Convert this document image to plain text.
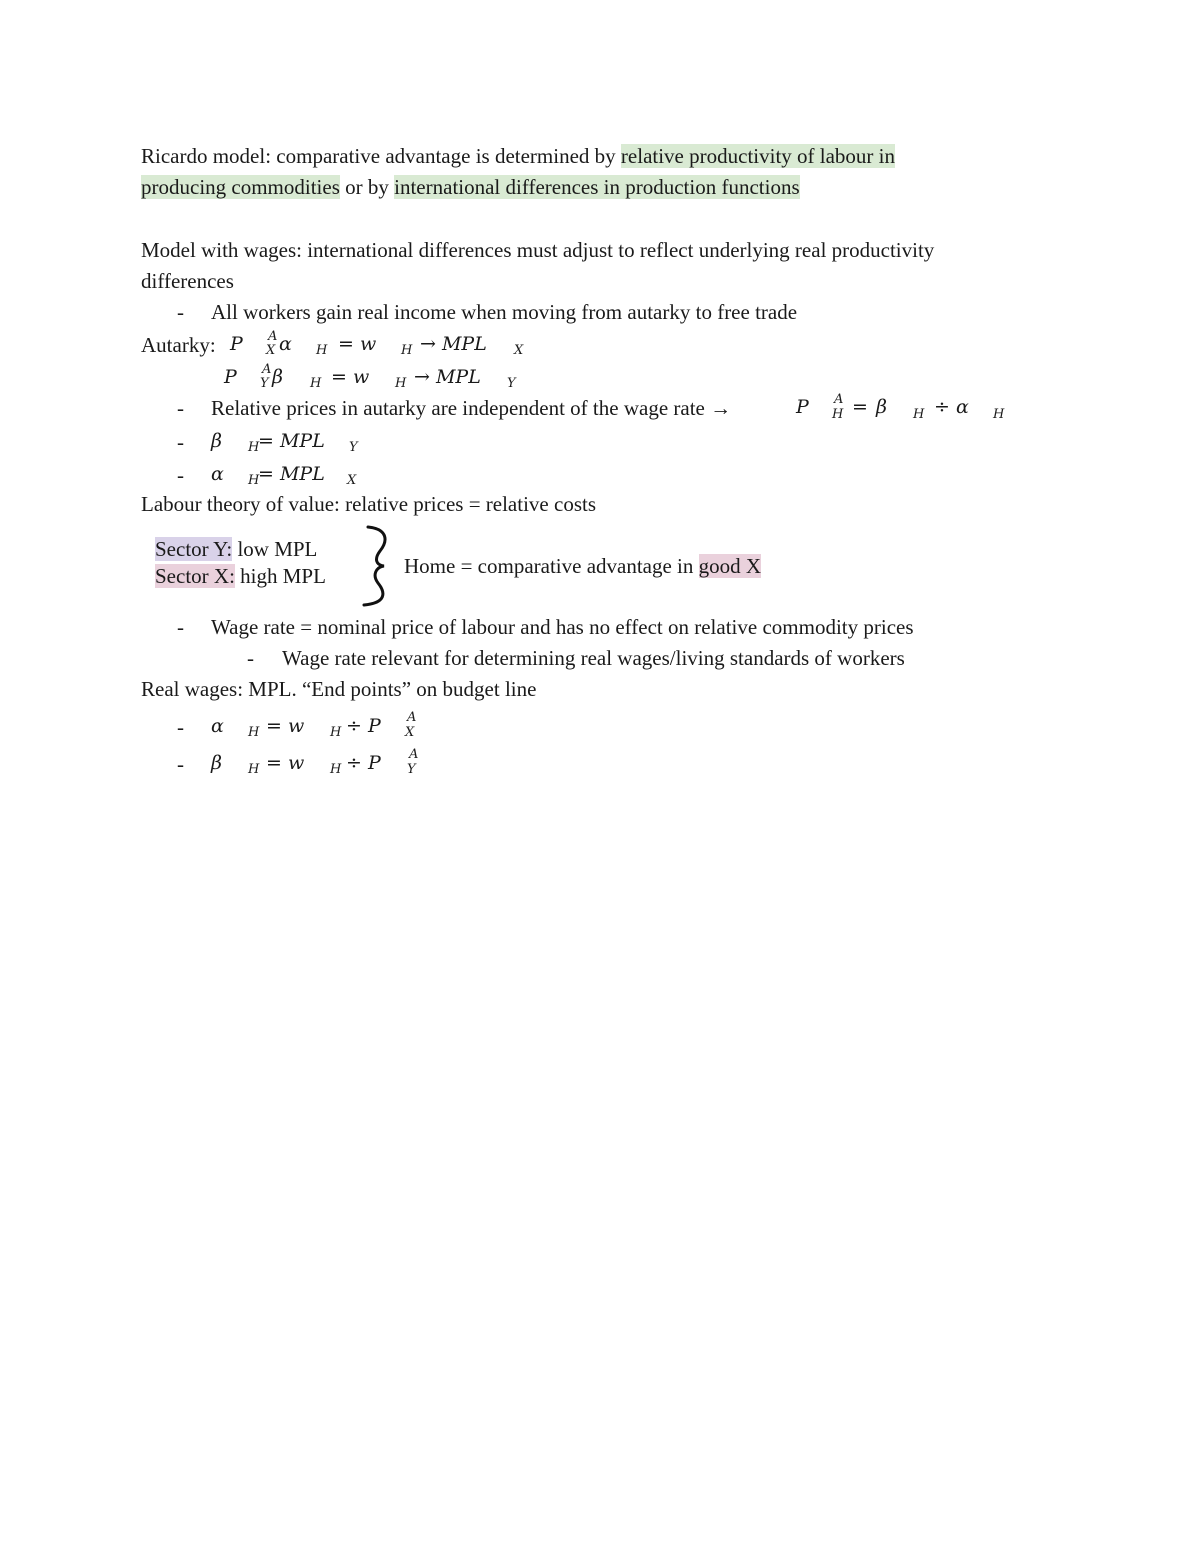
Ricardo model: comparative advantage is determined by relative productivity of labour in
producing commodities or by international differences in production functions
Model with wages: international differences must adjust to reflect underlying real productivity
differences
- All workers gain real income when moving from autarky to free trade
Autarky: P A
X α H = w H → MPL X
P A
Y β H = w H → MPL Y
- Relative prices in autarky are independent of the wage rate →	P A
H = β H ÷ α H
- β H
= MPL Y
- α H
= MPL X
Labour theory of value: relative prices = relative costs
Sector Y: low MPL
Sector X: high MPL	Home = comparative advantage in good X
- Wage rate = nominal price of labour and has no effect on relative commodity prices
- Wage rate relevant for determining real wages/living standards of workers
Real wages: MPL. “End points” on budget line
- α H = w H ÷ P A
X
- β H = w H ÷ P A
Y
